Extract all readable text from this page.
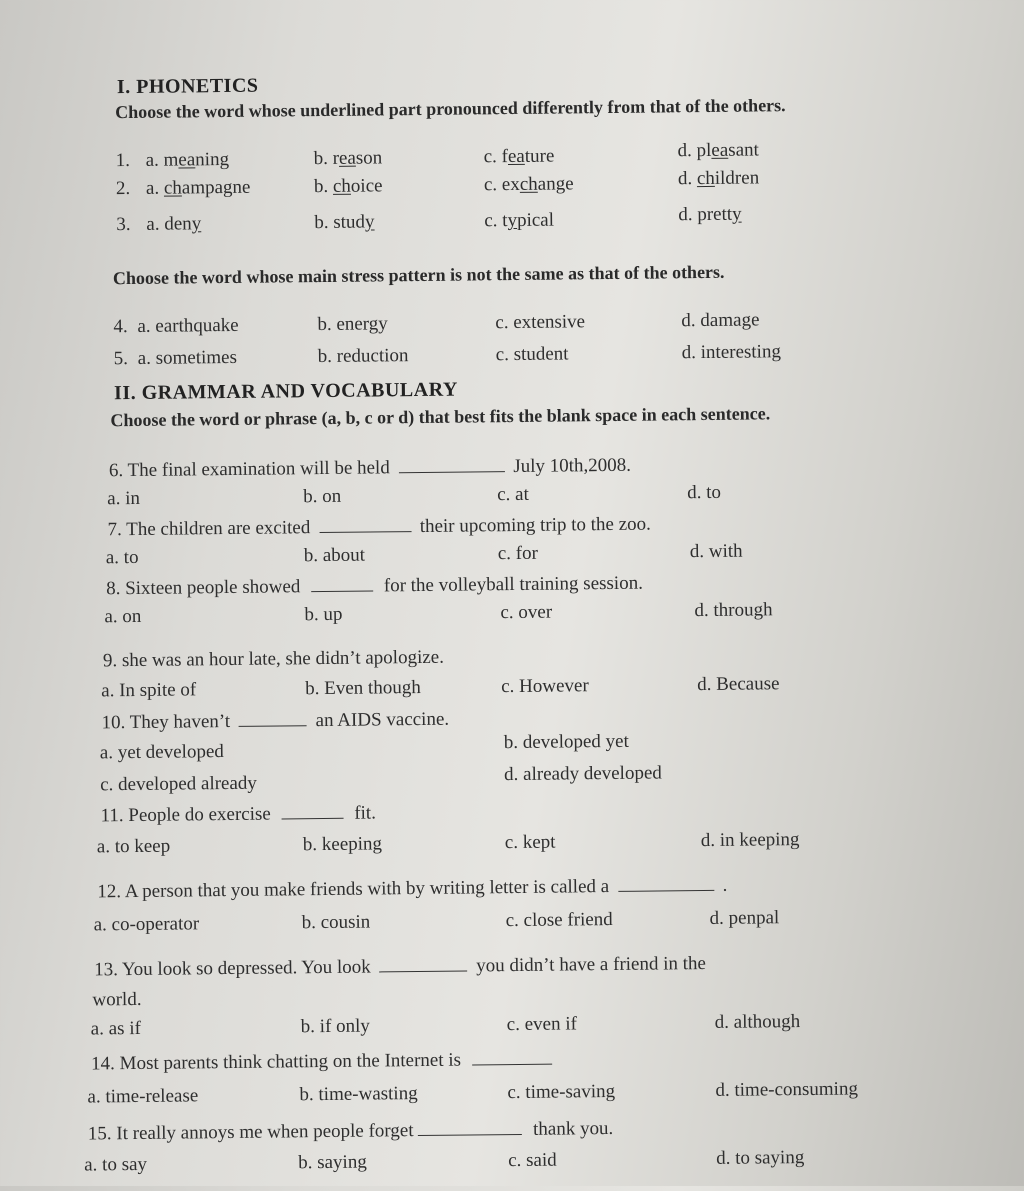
I. PHONETICS
Choose the word whose underlined part pronounced differently from that of the others.
1. a. meaning	b. reason	c. feature	d. pleasant
2. a. champagne	b. choice	c. exchange	d. children
3. a. deny	b. study	c. typical	d. pretty
Choose the word whose main stress pattern is not the same as that of the others.
4. a. earthquake	b. energy	c. extensive	d. damage
5. a. sometimes	b. reduction	c. student	d. interesting
II. GRAMMAR AND VOCABULARY
Choose the word or phrase (a, b, c or d) that best fits the blank space in each sentence.
6. The final examination will be held	July 10th,2008.
a. in	b. on	c. at	d. to
7. The children are excited	their upcoming trip to the zoo.
a. to	b. about	c. for	d. with
8. Sixteen people showed	for the volleyball training session.
a. on	b. up	c. over	d. through
9. she was an hour late, she didn’t apologize.
a. In spite of	b. Even though	c. However	d. Because
10. They haven’t	an AIDS vaccine.
a. yet developed	b. developed yet
c. developed already	d. already developed
11. People do exercise	fit.
a. to keep	b. keeping	c. kept	d. in keeping
12. A person that you make friends with by writing letter is called a	.
a. co-operator	b. cousin	c. close friend	d. penpal
13. You look so depressed. You look	you didn’t have a friend in the
world.
a. as if	b. if only	c. even if	d. although
14. Most parents think chatting on the Internet is
a. time-release	b. time-wasting	c. time-saving	d. time-consuming
15. It really annoys me when people forget	thank you.
a. to say	b. saying	c. said	d. to saying
